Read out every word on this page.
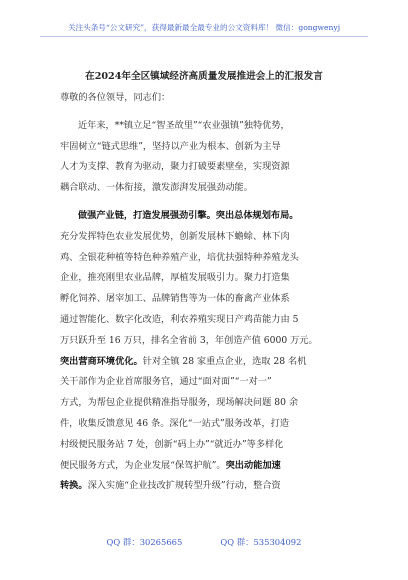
关注头条号“公文研究”，获得最新最全最专业的公文资料库！ 微信：gongwenyj
在2024年全区镇域经济高质量发展推进会上的汇报发言
尊敬的各位领导，同志们：
近年来，**镇立足“智圣故里”“农业强镇”独特优势，
牢固树立“链式思维”，坚持以产业为根本、创新为主导
人才为支撑、教育为驱动，聚力打破要素壁垒，实现资源
耦合联动、一体衔接，激发澎湃发展强劲动能。
做强产业链，打造发展强劲引擎。突出总体规划布局。
充分发挥特色农业发展优势，创新发展林下蟾蜍、林下肉
鸡、全银花种植等特色种养殖产业，培优扶强特种养殖龙头
企业，推亮刚里农业品牌，厚植发展吸引力。聚力打造集
孵化饲养、屠宰加工、品牌销售等为一体的畜禽产业体系
通过智能化、数字化改造，利农养殖实现日产鸡苗能力由 5
万只跃升至 16 万只，排名全省前 3，年创造产值 6000 万元。
突出营商环境优化。针对全镇 28 家重点企业，选取 28 名机
关干部作为企业首席服务官，通过“面对面”“一对一”
方式，为帮包企业提供精准指导服务，现场解决问题 80 余
件，收集反馈意见 46 条。深化“一站式”服务改革，打造
村级便民服务站 7 处，创新“码上办”“就近办”等多样化
便民服务方式，为企业发展“保驾护航”。突出动能加速
转换。深入实施“企业技改扩规转型升级”行动，整合资
QQ 群：30265665	QQ 群：535304092
